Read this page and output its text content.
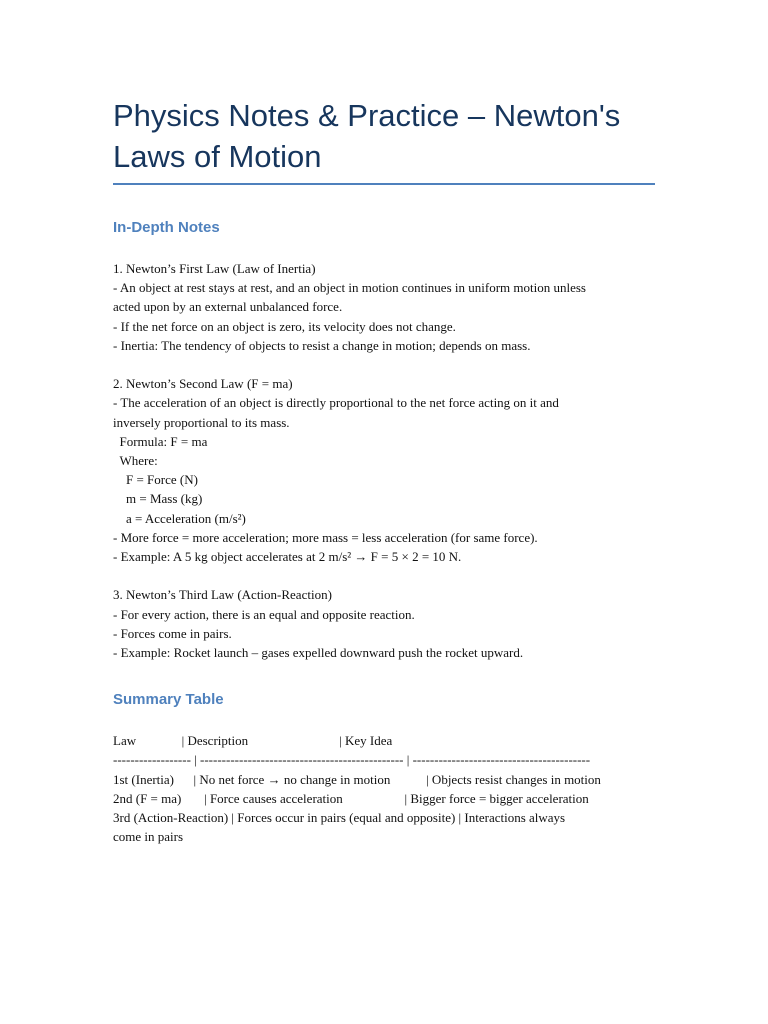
Physics Notes & Practice – Newton's Laws of Motion
In-Depth Notes
1. Newton’s First Law (Law of Inertia)
- An object at rest stays at rest, and an object in motion continues in uniform motion unless
acted upon by an external unbalanced force.
- If the net force on an object is zero, its velocity does not change.
- Inertia: The tendency of objects to resist a change in motion; depends on mass.
2. Newton’s Second Law (F = ma)
- The acceleration of an object is directly proportional to the net force acting on it and
inversely proportional to its mass.
Formula: F = ma
Where:
F = Force (N)
m = Mass (kg)
a = Acceleration (m/s²)
- More force = more acceleration; more mass = less acceleration (for same force).
- Example: A 5 kg object accelerates at 2 m/s² → F = 5 × 2 = 10 N.
3. Newton’s Third Law (Action-Reaction)
- For every action, there is an equal and opposite reaction.
- Forces come in pairs.
- Example: Rocket launch – gases expelled downward push the rocket upward.
Summary Table
Law              | Description                            | Key Idea
------------------ | ----------------------------------------------- | -----------------------------------------
1st (Inertia)      | No net force → no change in motion           | Objects resist changes in motion
2nd (F = ma)       | Force causes acceleration                   | Bigger force = bigger acceleration
3rd (Action-Reaction) | Forces occur in pairs (equal and opposite) | Interactions always
come in pairs
